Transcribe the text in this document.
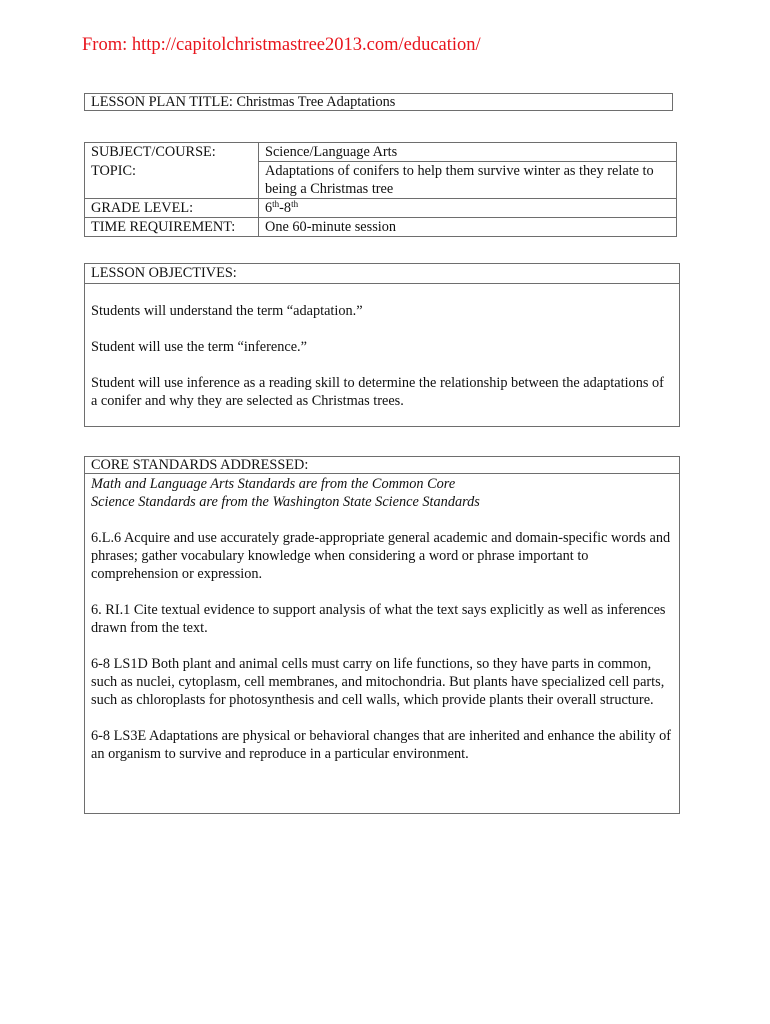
From: http://capitolchristmastree2013.com/education/
LESSON PLAN TITLE: Christmas Tree Adaptations
SUBJECT/COURSE:	Science/Language Arts
TOPIC:	Adaptations of conifers to help them survive winter as they relate to being a Christmas tree
GRADE LEVEL:	6th-8th
TIME REQUIREMENT:	One 60-minute session
LESSON OBJECTIVES:

Students will understand the term “adaptation.”

Student will use the term “inference.”

Student will use inference as a reading skill to determine the relationship between the adaptations of a conifer and why they are selected as Christmas trees.

CORE STANDARDS ADDRESSED:
Math and Language Arts Standards are from the Common Core
Science Standards are from the Washington State Science Standards

6.L.6 Acquire and use accurately grade-appropriate general academic and domain-specific words and phrases; gather vocabulary knowledge when considering a word or phrase important to comprehension or expression.

6. RI.1 Cite textual evidence to support analysis of what the text says explicitly as well as inferences drawn from the text.

6-8 LS1D Both plant and animal cells must carry on life functions, so they have parts in common, such as nuclei, cytoplasm, cell membranes, and mitochondria. But plants have specialized cell parts, such as chloroplasts for photosynthesis and cell walls, which provide plants their overall structure.

6-8 LS3E Adaptations are physical or behavioral changes that are inherited and enhance the ability of an organism to survive and reproduce in a particular environment.
